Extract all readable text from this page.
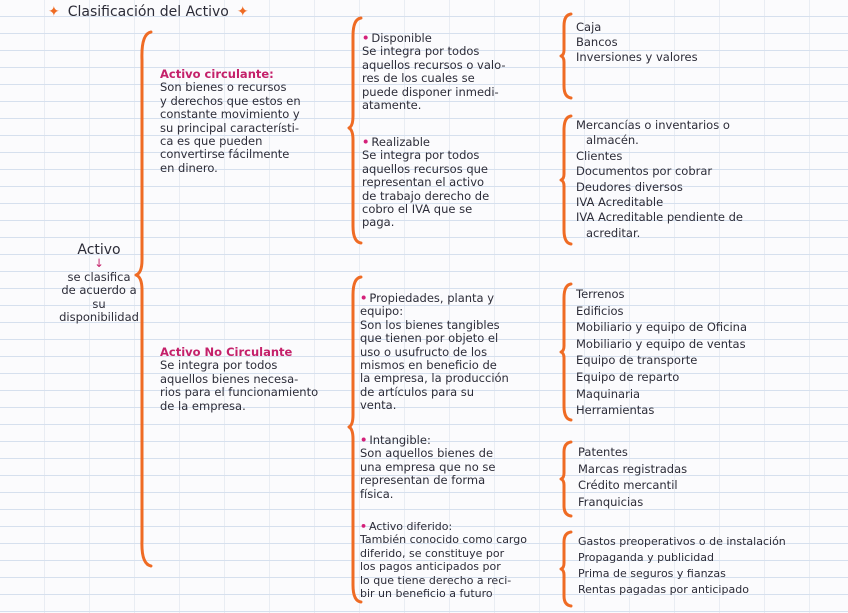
✦ Clasificación del Activo ✦
Activo
↓
se clasifica
de acuerdo a
su
disponibilidad
Activo circulante:
Son bienes o recursos
y derechos que estos en
constante movimiento y
su principal característi-
ca es que pueden
convertirse fácilmente
en dinero.
Activo No Circulante
Se integra por todos
aquellos bienes necesa-
rios para el funcionamiento
de la empresa.
• Disponible
Se integra por todos
aquellos recursos o valo-
res de los cuales se
puede disponer inmedi-
atamente.
• Realizable
Se integra por todos
aquellos recursos que
representan el activo
de trabajo derecho de
cobro el IVA que se
paga.
• Propiedades, planta y
equipo:
Son los bienes tangibles
que tienen por objeto el
uso o usufructo de los
mismos en beneficio de
la empresa, la producción
de artículos para su
venta.
• Intangible:
Son aquellos bienes de
una empresa que no se
representan de forma
física.
• Activo diferido:
También conocido como cargo
diferido, se constituye por
los pagos anticipados por
lo que tiene derecho a reci-
bir un beneficio a futuro
Caja
Bancos
Inversiones y valores
Mercancías o inventarios o
almacén.
Clientes
Documentos por cobrar
Deudores diversos
IVA Acreditable
IVA Acreditable pendiente de
acreditar.
Terrenos
Edificios
Mobiliario y equipo de Oficina
Mobiliario y equipo de ventas
Equipo de transporte
Equipo de reparto
Maquinaria
Herramientas
Patentes
Marcas registradas
Crédito mercantil
Franquicias
Gastos preoperativos o de instalación
Propaganda y publicidad
Prima de seguros y fianzas
Rentas pagadas por anticipado
